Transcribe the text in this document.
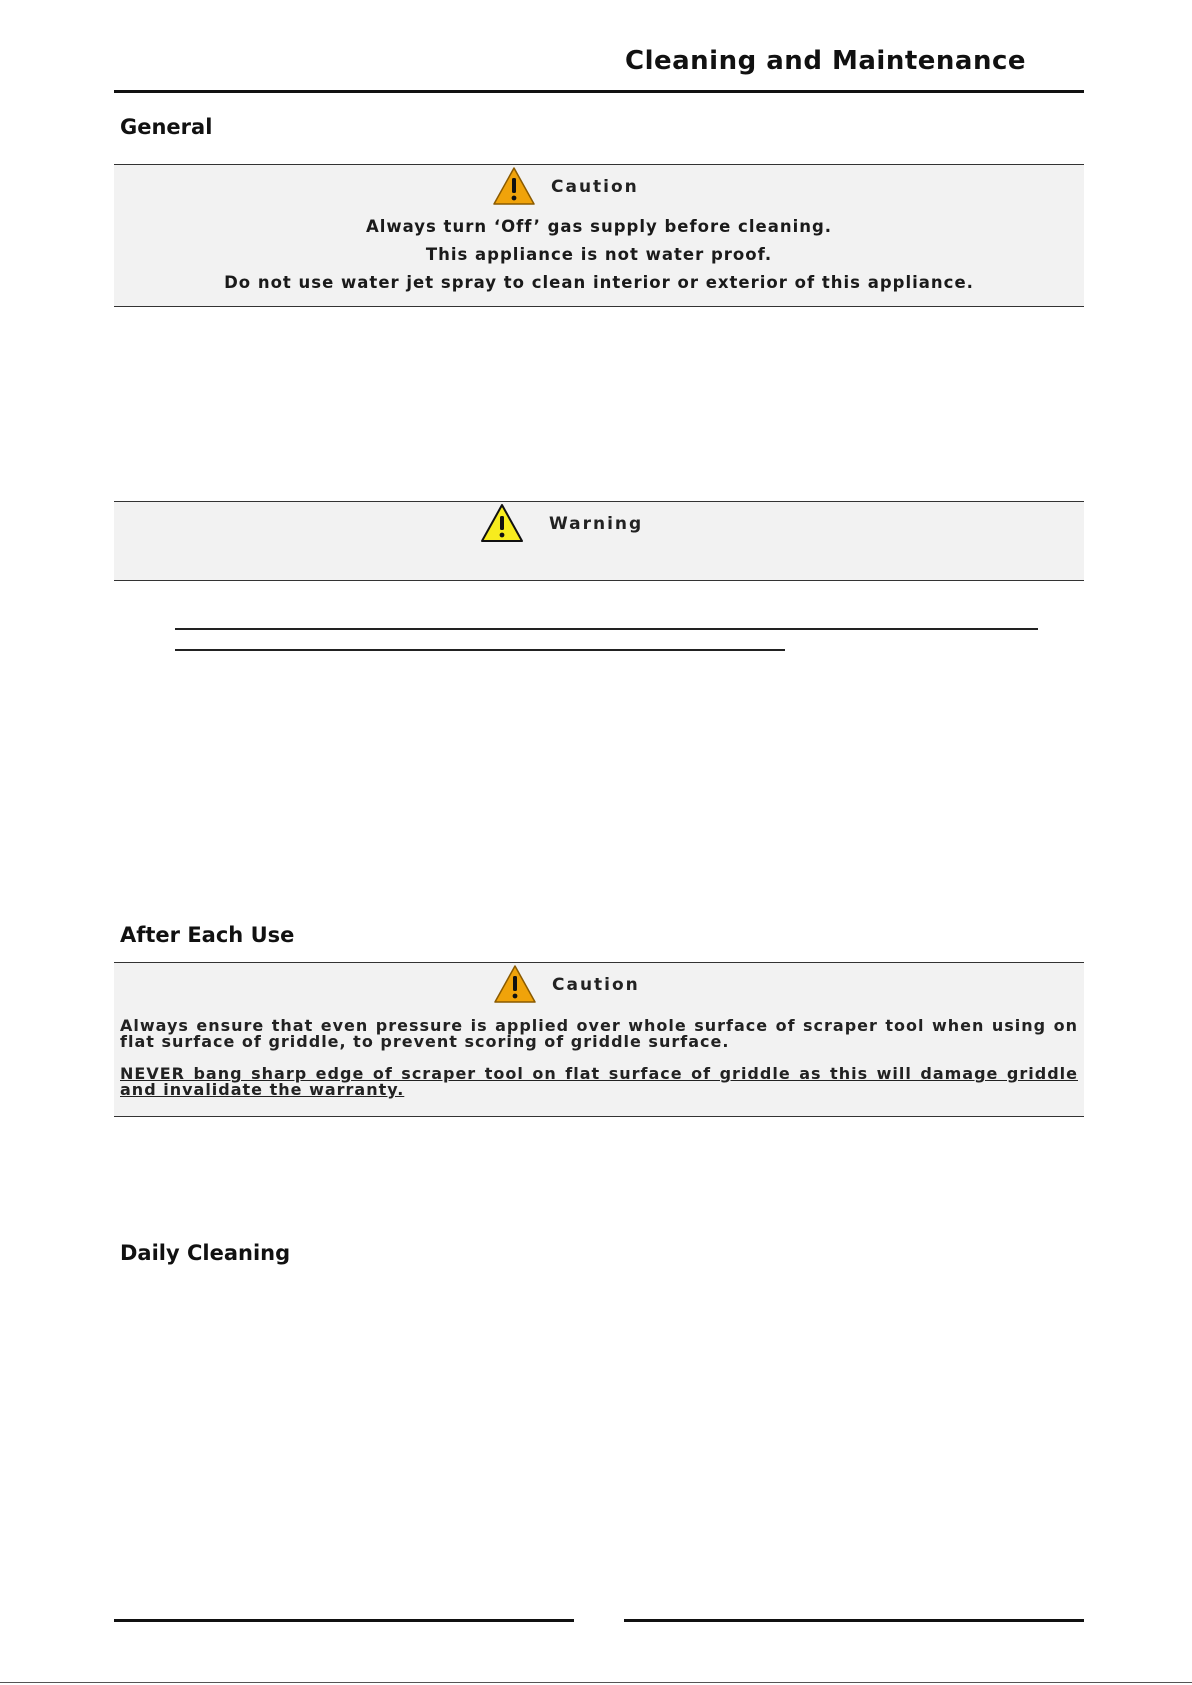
Cleaning and Maintenance
General
Caution
Always turn ‘Off’ gas supply before cleaning.
This appliance is not water proof.
Do not use water jet spray to clean interior or exterior of this appliance.
Warning
After Each Use
Caution
Always ensure that even pressure is applied over whole surface of scraper tool when using on flat surface of griddle, to prevent scoring of griddle surface.
NEVER bang sharp edge of scraper tool on flat surface of griddle as this will damage griddle and invalidate the warranty.
Daily Cleaning
